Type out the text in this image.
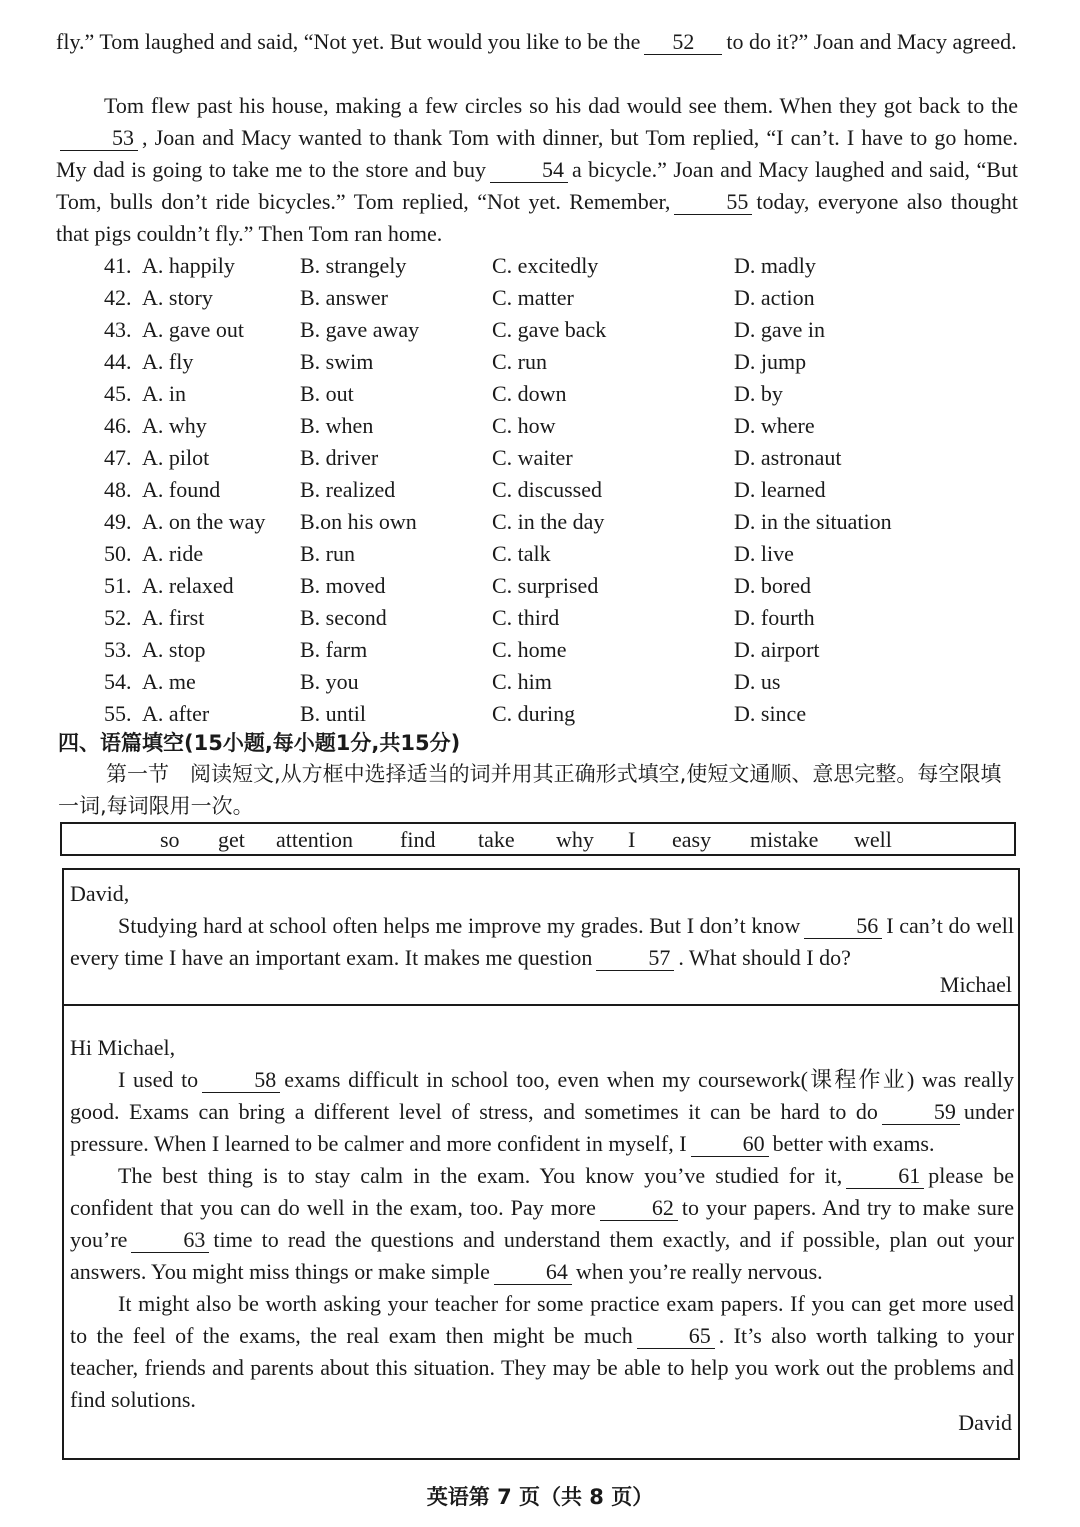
fly.” Tom laughed and said, “Not yet. But would you like to be the 52 to do it?” Joan and Macy agreed.

Tom flew past his house, making a few circles so his dad would see them. When they got back to the53 , Joan and Macy wanted to thank Tom with dinner, but Tom replied, “I can’t. I have to go home. My dad is going to take me to the store and buy	54 a bicycle.” Joan and Macy laughed and said, “But Tom, bulls don’t ride bicycles.” Tom replied, “Not yet. Remember,	55 today, everyone also thought that pigs couldn’t fly.” Then Tom ran home.

41. A. happily	B. strangely	C. excitedly	D. madly
42. A. story	B. answer	C. matter	D. action
43. A. gave out	B. gave away	C. gave back	D. gave in
44. A. fly	B. swim	C. run	D. jump
45. A. in	B. out	C. down	D. by
46. A. why	B. when	C. how	D. where
47. A. pilot	B. driver	C. waiter	D. astronaut
48. A. found	B. realized	C. discussed	D. learned
49. A. on the way B.on his own	C. in the day	D. in the situation
50. A. ride	B. run	C. talk	D. live
51. A. relaxed	B. moved	C. surprised	D. bored
52. A. first	B. second	C. third	D. fourth
53. A. stop	B. farm	C. home	D. airport
54. A. me	B. you	C. him	D. us
55. A. after	B. until	C. during	D. since
四、语篇填空(15小题,每小题1分,共15分)
第一节　阅读短文,从方框中选择适当的词并用其正确形式填空,使短文通顺、意思完整。每空限填一词,每词限用一次。
so get attention find take why I easy mistake well
David,

Studying hard at school often helps me improve my grades. But I don’t know	56 I can’t do well every time I have an important exam. It makes me question	57 . What should I do?

Michael
Hi Michael,

I used to	58 exams difficult in school too, even when my coursework(课程作业) was really good. Exams can bring a different level of stress, and sometimes it can be hard to do	59 under pressure. When I learned to be calmer and more confident in myself, I	60 better with exams.

The best thing is to stay calm in the exam. You know you’ve studied for it,	61 please be confident that you can do well in the exam, too. Pay more	62 to your papers. And try to make sure you’re	63 time to read the questions and understand them exactly, and if possible, plan out your answers. You might miss things or make simple	64 when you’re really nervous.

It might also be worth asking your teacher for some practice exam papers. If you can get more used to the feel of the exams, the real exam then might be much	65 . It’s also worth talking to your teacher, friends and parents about this situation. They may be able to help you work out the problems and find solutions.

David
英语第 7 页（共 8 页）
